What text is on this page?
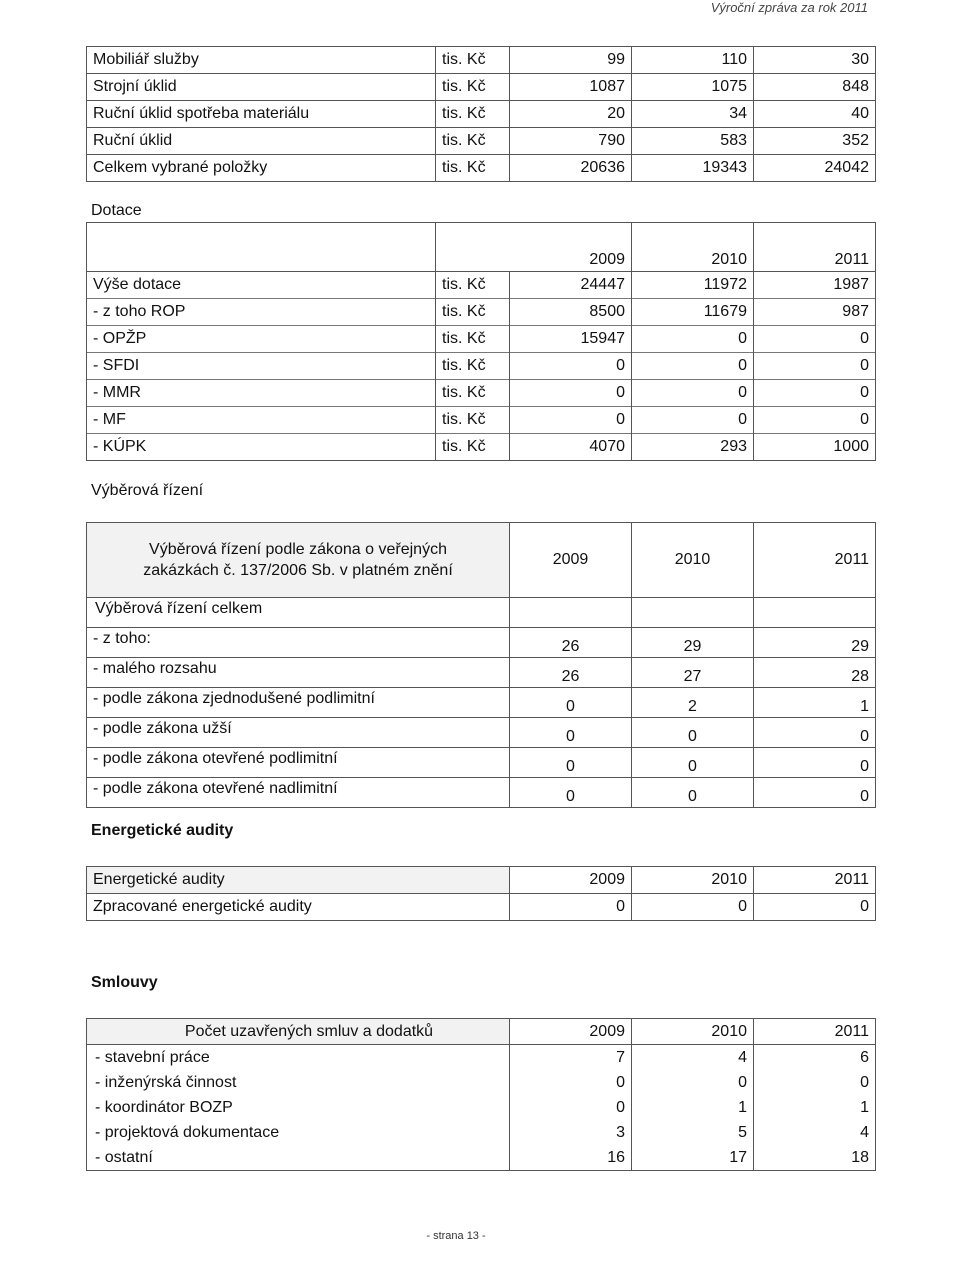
Výroční zpráva za rok 2011
Mobiliář služby	tis. Kč	99	110	30
Strojní úklid	tis. Kč	1087	1075	848
Ruční úklid spotřeba materiálu	tis. Kč	20	34	40
Ruční úklid	tis. Kč	790	583	352
Celkem vybrané položky	tis. Kč	20636	19343	24042
Dotace
		2009	2010	2011
Výše dotace	tis. Kč	24447	11972	1987
- z toho ROP	tis. Kč	8500	11679	987
- OPŽP	tis. Kč	15947	0	0
- SFDI	tis. Kč	0	0	0
- MMR	tis. Kč	0	0	0
- MF	tis. Kč	0	0	0
- KÚPK	tis. Kč	4070	293	1000
Výběrová řízení
Výběrová řízení podle zákona o veřejných zakázkách č. 137/2006 Sb. v platném znění	2009	2010	2011
Výběrová řízení celkem			
- z toho:	26	29	29
- malého rozsahu	26	27	28
- podle zákona zjednodušené podlimitní	0	2	1
- podle zákona užší	0	0	0
- podle zákona otevřené podlimitní	0	0	0
- podle zákona otevřené nadlimitní	0	0	0
Energetické audity
Energetické audity	2009	2010	2011
Zpracované energetické audity	0	0	0
Smlouvy
Počet uzavřených smluv a dodatků	2009	2010	2011
- stavební práce	7	4	6
- inženýrská činnost	0	0	0
- koordinátor BOZP	0	1	1
- projektová dokumentace	3	5	4
- ostatní	16	17	18
- strana 13 -
